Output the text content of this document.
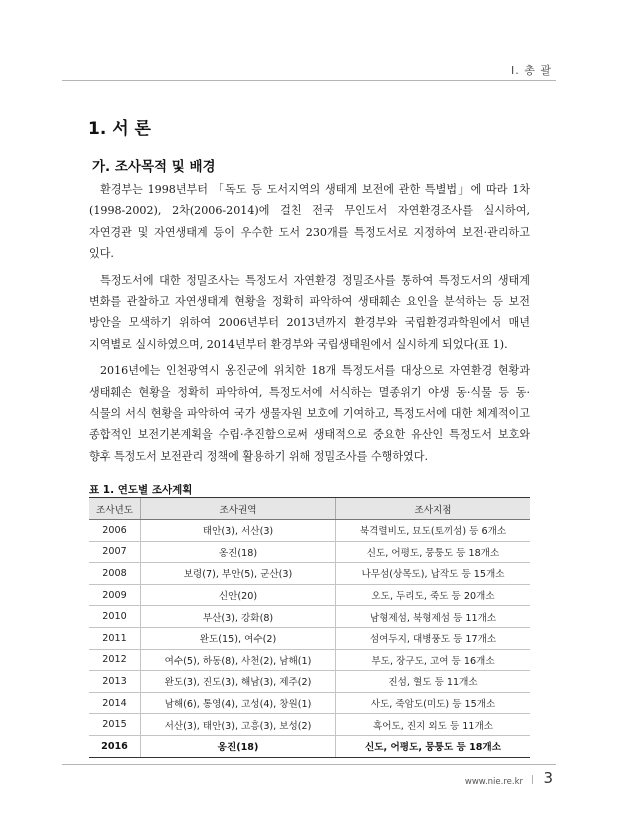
Ⅰ. 총 괄
1. 서 론
가. 조사목적 및 배경

환경부는 1998년부터 「독도 등 도서지역의 생태계 보전에 관한 특별법」에 따라 1차(1998-2002), 2차(2006-2014)에 걸친 전국 무인도서 자연환경조사를 실시하여, 자연경관 및 자연생태계 등이 우수한 도서 230개를 특정도서로 지정하여 보전·관리하고 있다.

특정도서에 대한 정밀조사는 특정도서 자연환경 정밀조사를 통하여 특정도서의 생태계 변화를 관찰하고 자연생태계 현황을 정확히 파악하여 생태훼손 요인을 분석하는 등 보전 방안을 모색하기 위하여 2006년부터 2013년까지 환경부와 국립환경과학원에서 매년 지역별로 실시하였으며, 2014년부터 환경부와 국립생태원에서 실시하게 되었다(표 1).

2016년에는 인천광역시 옹진군에 위치한 18개 특정도서를 대상으로 자연환경 현황과 생태훼손 현황을 정확히 파악하여, 특정도서에 서식하는 멸종위기 야생 동·식물 등 동·식물의 서식 현황을 파악하여 국가 생물자원 보호에 기여하고, 특정도서에 대한 체계적이고 종합적인 보전기본계획을 수립·추진함으로써 생태적으로 중요한 유산인 특정도서 보호와 향후 특정도서 보전관리 정책에 활용하기 위해 정밀조사를 수행하였다.

표 1. 연도별 조사계획
조사년도	조사권역	조사지점
2006	태안(3), 서산(3)	북격렬비도, 묘도(토끼섬) 등 6개소
2007	옹진(18)	신도, 어평도, 뭉퉁도 등 18개소
2008	보령(7), 부안(5), 군산(3)	나무섬(상목도), 납작도 등 15개소
2009	신안(20)	오도, 두리도, 죽도 등 20개소
2010	부산(3), 강화(8)	남형제섬, 북형제섬 등 11개소
2011	완도(15), 여수(2)	섬여두지, 대병풍도 등 17개소
2012	여수(5), 하동(8), 사천(2), 남해(1)	부도, 장구도, 고여 등 16개소
2013	완도(3), 진도(3), 해남(3), 제주(2)	진섬, 혈도 등 11개소
2014	남해(6), 통영(4), 고성(4), 창원(1)	사도, 죽암도(미도) 등 15개소
2015	서산(3), 태안(3), 고흥(3), 보성(2)	흑어도, 진지 외도 등 11개소
2016	옹진(18)	신도, 어평도, 뭉퉁도 등 18개소
www.nie.re.kr | 3
